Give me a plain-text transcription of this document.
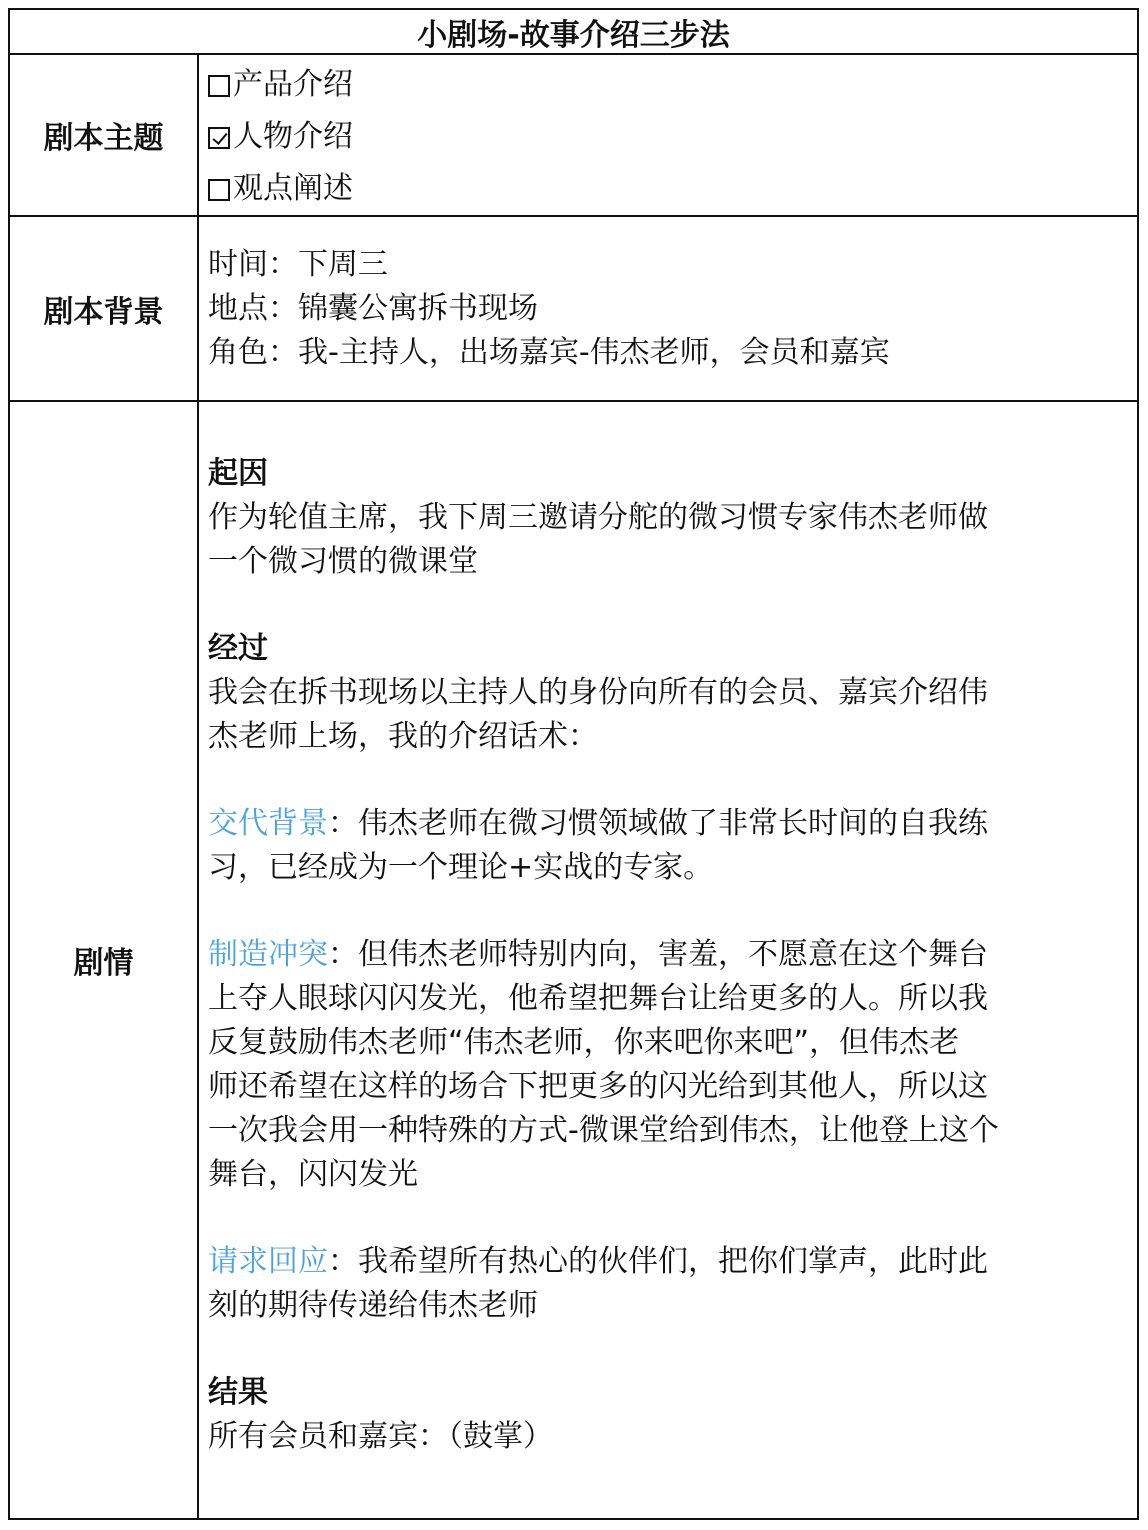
小剧场-故事介绍三步法
剧本主题
产品介绍
人物介绍
观点阐述
剧本背景
时间：下周三
地点：锦囊公寓拆书现场
角色：我-主持人，出场嘉宾-伟杰老师，会员和嘉宾
剧情
起因
作为轮值主席，我下周三邀请分舵的微习惯专家伟杰老师做
一个微习惯的微课堂
经过
我会在拆书现场以主持人的身份向所有的会员、嘉宾介绍伟
杰老师上场，我的介绍话术：
交代背景：伟杰老师在微习惯领域做了非常长时间的自我练
习，已经成为一个理论+实战的专家。
制造冲突：但伟杰老师特别内向，害羞，不愿意在这个舞台
上夺人眼球闪闪发光，他希望把舞台让给更多的人。所以我
反复鼓励伟杰老师“伟杰老师，你来吧你来吧”，但伟杰老
师还希望在这样的场合下把更多的闪光给到其他人，所以这
一次我会用一种特殊的方式-微课堂给到伟杰，让他登上这个
舞台，闪闪发光
请求回应：我希望所有热心的伙伴们，把你们掌声，此时此
刻的期待传递给伟杰老师
结果
所有会员和嘉宾：（鼓掌）
